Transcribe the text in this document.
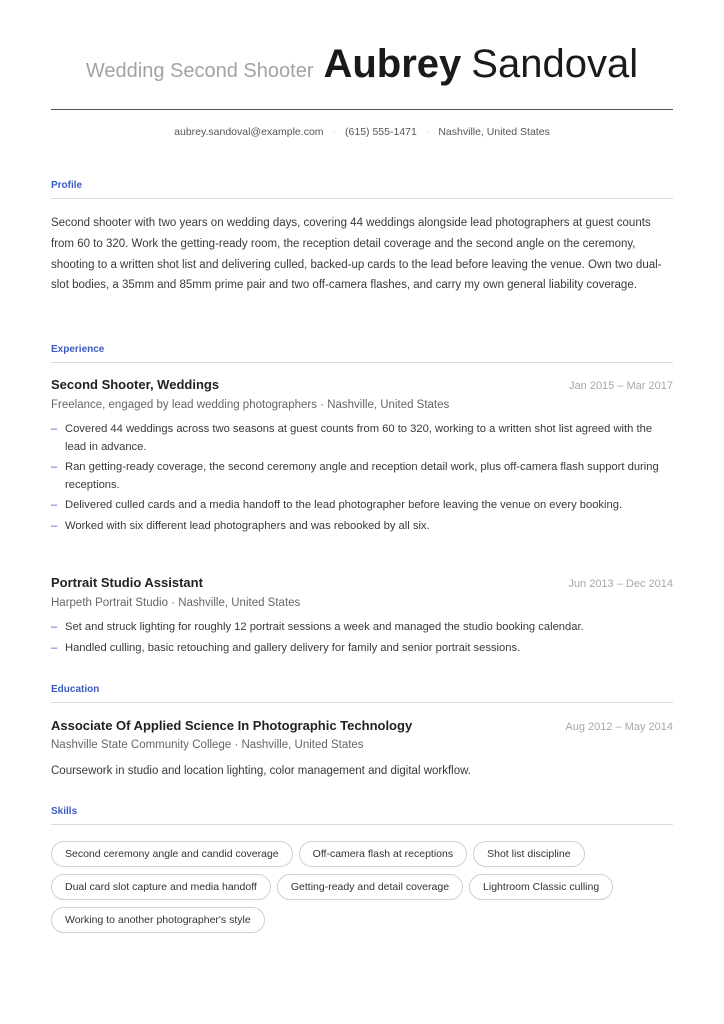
Wedding Second Shooter Aubrey Sandoval
aubrey.sandoval@example.com · (615) 555-1471 · Nashville, United States
Profile

Second shooter with two years on wedding days, covering 44 weddings alongside lead photographers at guest counts from 60 to 320. Work the getting-ready room, the reception detail coverage and the second angle on the ceremony, shooting to a written shot list and delivering culled, backed-up cards to the lead before leaving the venue. Own two dual-slot bodies, a 35mm and 85mm prime pair and two off-camera flashes, and carry my own general liability coverage.

Experience
Second Shooter, Weddings	Jan 2015 – Mar 2017
Freelance, engaged by lead wedding photographers · Nashville, United States
– Covered 44 weddings across two seasons at guest counts from 60 to 320, working to a written shot list agreed with the lead in advance.
– Ran getting-ready coverage, the second ceremony angle and reception detail work, plus off-camera flash support during receptions.
– Delivered culled cards and a media handoff to the lead photographer before leaving the venue on every booking.
– Worked with six different lead photographers and was rebooked by all six.
Portrait Studio Assistant	Jun 2013 – Dec 2014
Harpeth Portrait Studio · Nashville, United States
– Set and struck lighting for roughly 12 portrait sessions a week and managed the studio booking calendar.
– Handled culling, basic retouching and gallery delivery for family and senior portrait sessions.
Education
Associate Of Applied Science In Photographic Technology	Aug 2012 – May 2014
Nashville State Community College · Nashville, United States

Coursework in studio and location lighting, color management and digital workflow.

Skills
Second ceremony angle and candid coverage	Off-camera flash at receptions	Shot list discipline
Dual card slot capture and media handoff	Getting-ready and detail coverage	Lightroom Classic culling
Working to another photographer's style
